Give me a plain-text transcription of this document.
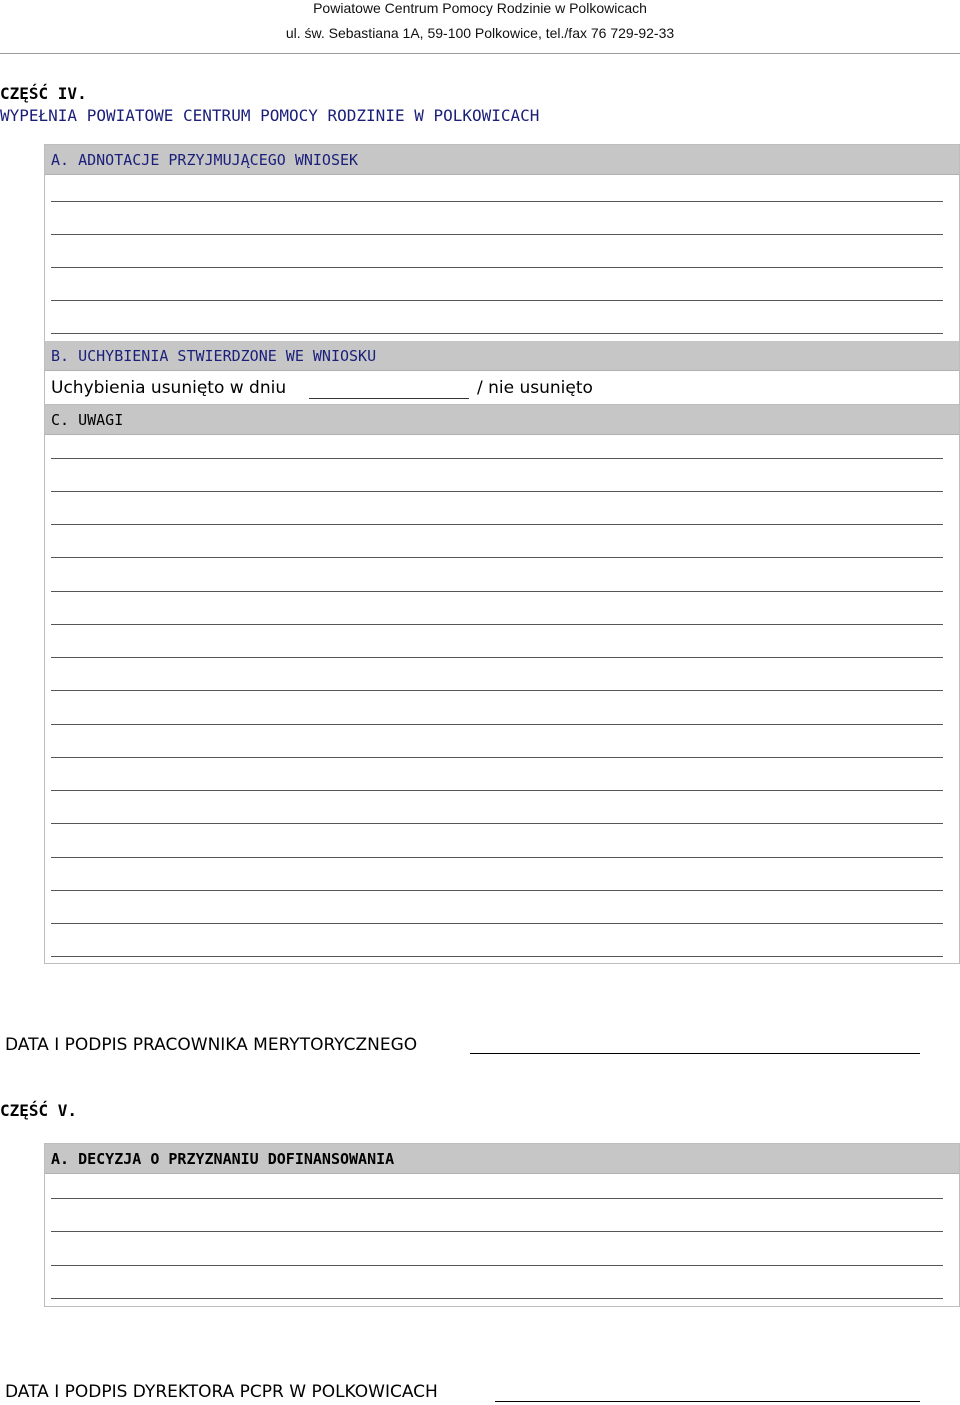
Powiatowe Centrum Pomocy Rodzinie w Polkowicach
ul. św. Sebastiana 1A, 59-100 Polkowice, tel./fax 76 729-92-33
CZĘŚĆ IV.
WYPEŁNIA POWIATOWE CENTRUM POMOCY RODZINIE W POLKOWICACH
A. ADNOTACJE PRZYJMUJĄCEGO WNIOSEK
B. UCHYBIENIA STWIERDZONE WE WNIOSKU
Uchybienia usunięto w dniu	/ nie usunięto
C. UWAGI
DATA I PODPIS PRACOWNIKA MERYTORYCZNEGO
CZĘŚĆ V.
A. DECYZJA O PRZYZNANIU DOFINANSOWANIA
DATA I PODPIS DYREKTORA PCPR W POLKOWICACH
